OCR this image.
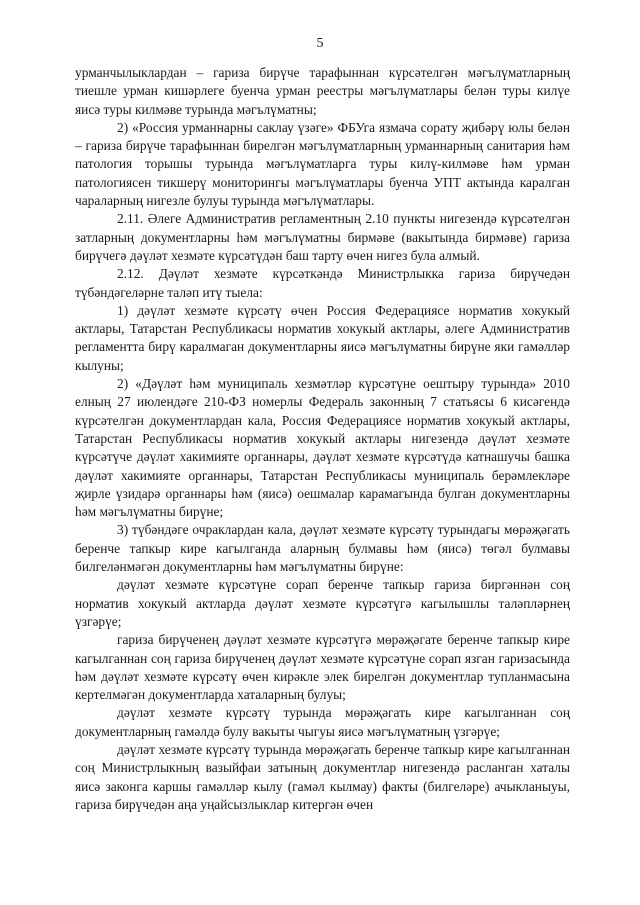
5

урманчылыклардан – гариза бирүче тарафыннан күрсәтелгән мәгълүматларның тиешле урман кишәрлеге буенча урман реестры мәгълүматлары белән туры килүе яисә туры килмәве турында мәгълүматны;

2) «Россия урманнарны саклау үзәге» ФБУга язмача сорату җибәрү юлы белән – гариза бирүче тарафыннан бирелгән мәгълүматларның урманнарның санитария һәм патология торышы турында мәгълүматларга туры килү-килмәве һәм урман патологиясен тикшерү мониторингы мәгълүматлары буенча УПТ актында каралган чараларның нигезле булуы турында мәгълүматлары.

2.11. Әлеге Административ регламентның 2.10 пункты нигезендә күрсәтелгән затларның документларны һәм мәгълүматны бирмәве (вакытында бирмәве) гариза бирүчегә дәүләт хезмәте күрсәтүдән баш тарту өчен нигез була алмый.

2.12. Дәүләт хезмәте күрсәткәндә Министрлыкка гариза бирүчедән түбәндәгеләрне таләп итү тыела:

1) дәүләт хезмәте күрсәтү өчен Россия Федерациясе норматив хокукый актлары, Татарстан Республикасы норматив хокукый актлары, әлеге Административ регламентта бирү каралмаган документларны яисә мәгълүматны бирүне яки гамәлләр кылуны;

2) «Дәүләт һәм муниципаль хезмәтләр күрсәтүне оештыру турында» 2010 елның 27 июлендәге 210-ФЗ номерлы Федераль законның 7 статьясы 6 кисәгендә күрсәтелгән документлардан кала, Россия Федерациясе норматив хокукый актлары, Татарстан Республикасы норматив хокукый актлары нигезендә дәүләт хезмәте күрсәтүче дәүләт хакимияте органнары, дәүләт хезмәте күрсәтүдә катнашучы башка дәүләт хакимияте органнары, Татарстан Республикасы муниципаль берәмлекләре җирле үзидарә органнары һәм (яисә) оешмалар карамагында булган документларны һәм мәгълүматны бирүне;

3) түбәндәге очраклардан кала, дәүләт хезмәте күрсәтү турындагы мөрәҗәгать беренче тапкыр кире кагылганда аларның булмавы һәм (яисә) төгәл булмавы билгеләнмәгән документларны һәм мәгълүматны бирүне:

дәүләт хезмәте күрсәтүне сорап беренче тапкыр гариза биргәннән соң норматив хокукый актларда дәүләт хезмәте күрсәтүгә кагылышлы таләпләрнең үзгәрүе;

гариза бирүченең дәүләт хезмәте күрсәтүгә мөрәҗәгате беренче тапкыр кире кагылганнан соң гариза бирүченең дәүләт хезмәте күрсәтүне сорап язган гаризасында һәм дәүләт хезмәте күрсәтү өчен кирәкле элек бирелгән документлар тупланмасына кертелмәгән документларда хаталарның булуы;

дәүләт хезмәте күрсәтү турында мөрәҗәгать кире кагылганнан соң документларның гамәлдә булу вакыты чыгуы яисә мәгълүматның үзгәрүе;

дәүләт хезмәте күрсәтү турында мөрәҗәгать беренче тапкыр кире кагылганнан соң Министрлыкның вазыйфаи затының документлар нигезендә расланган хаталы яисә законга каршы гамәлләр кылу (гамәл кылмау) факты (билгеләре) ачыкланыуы, гариза бирүчедән аңа уңайсызлыклар китергән өчен
